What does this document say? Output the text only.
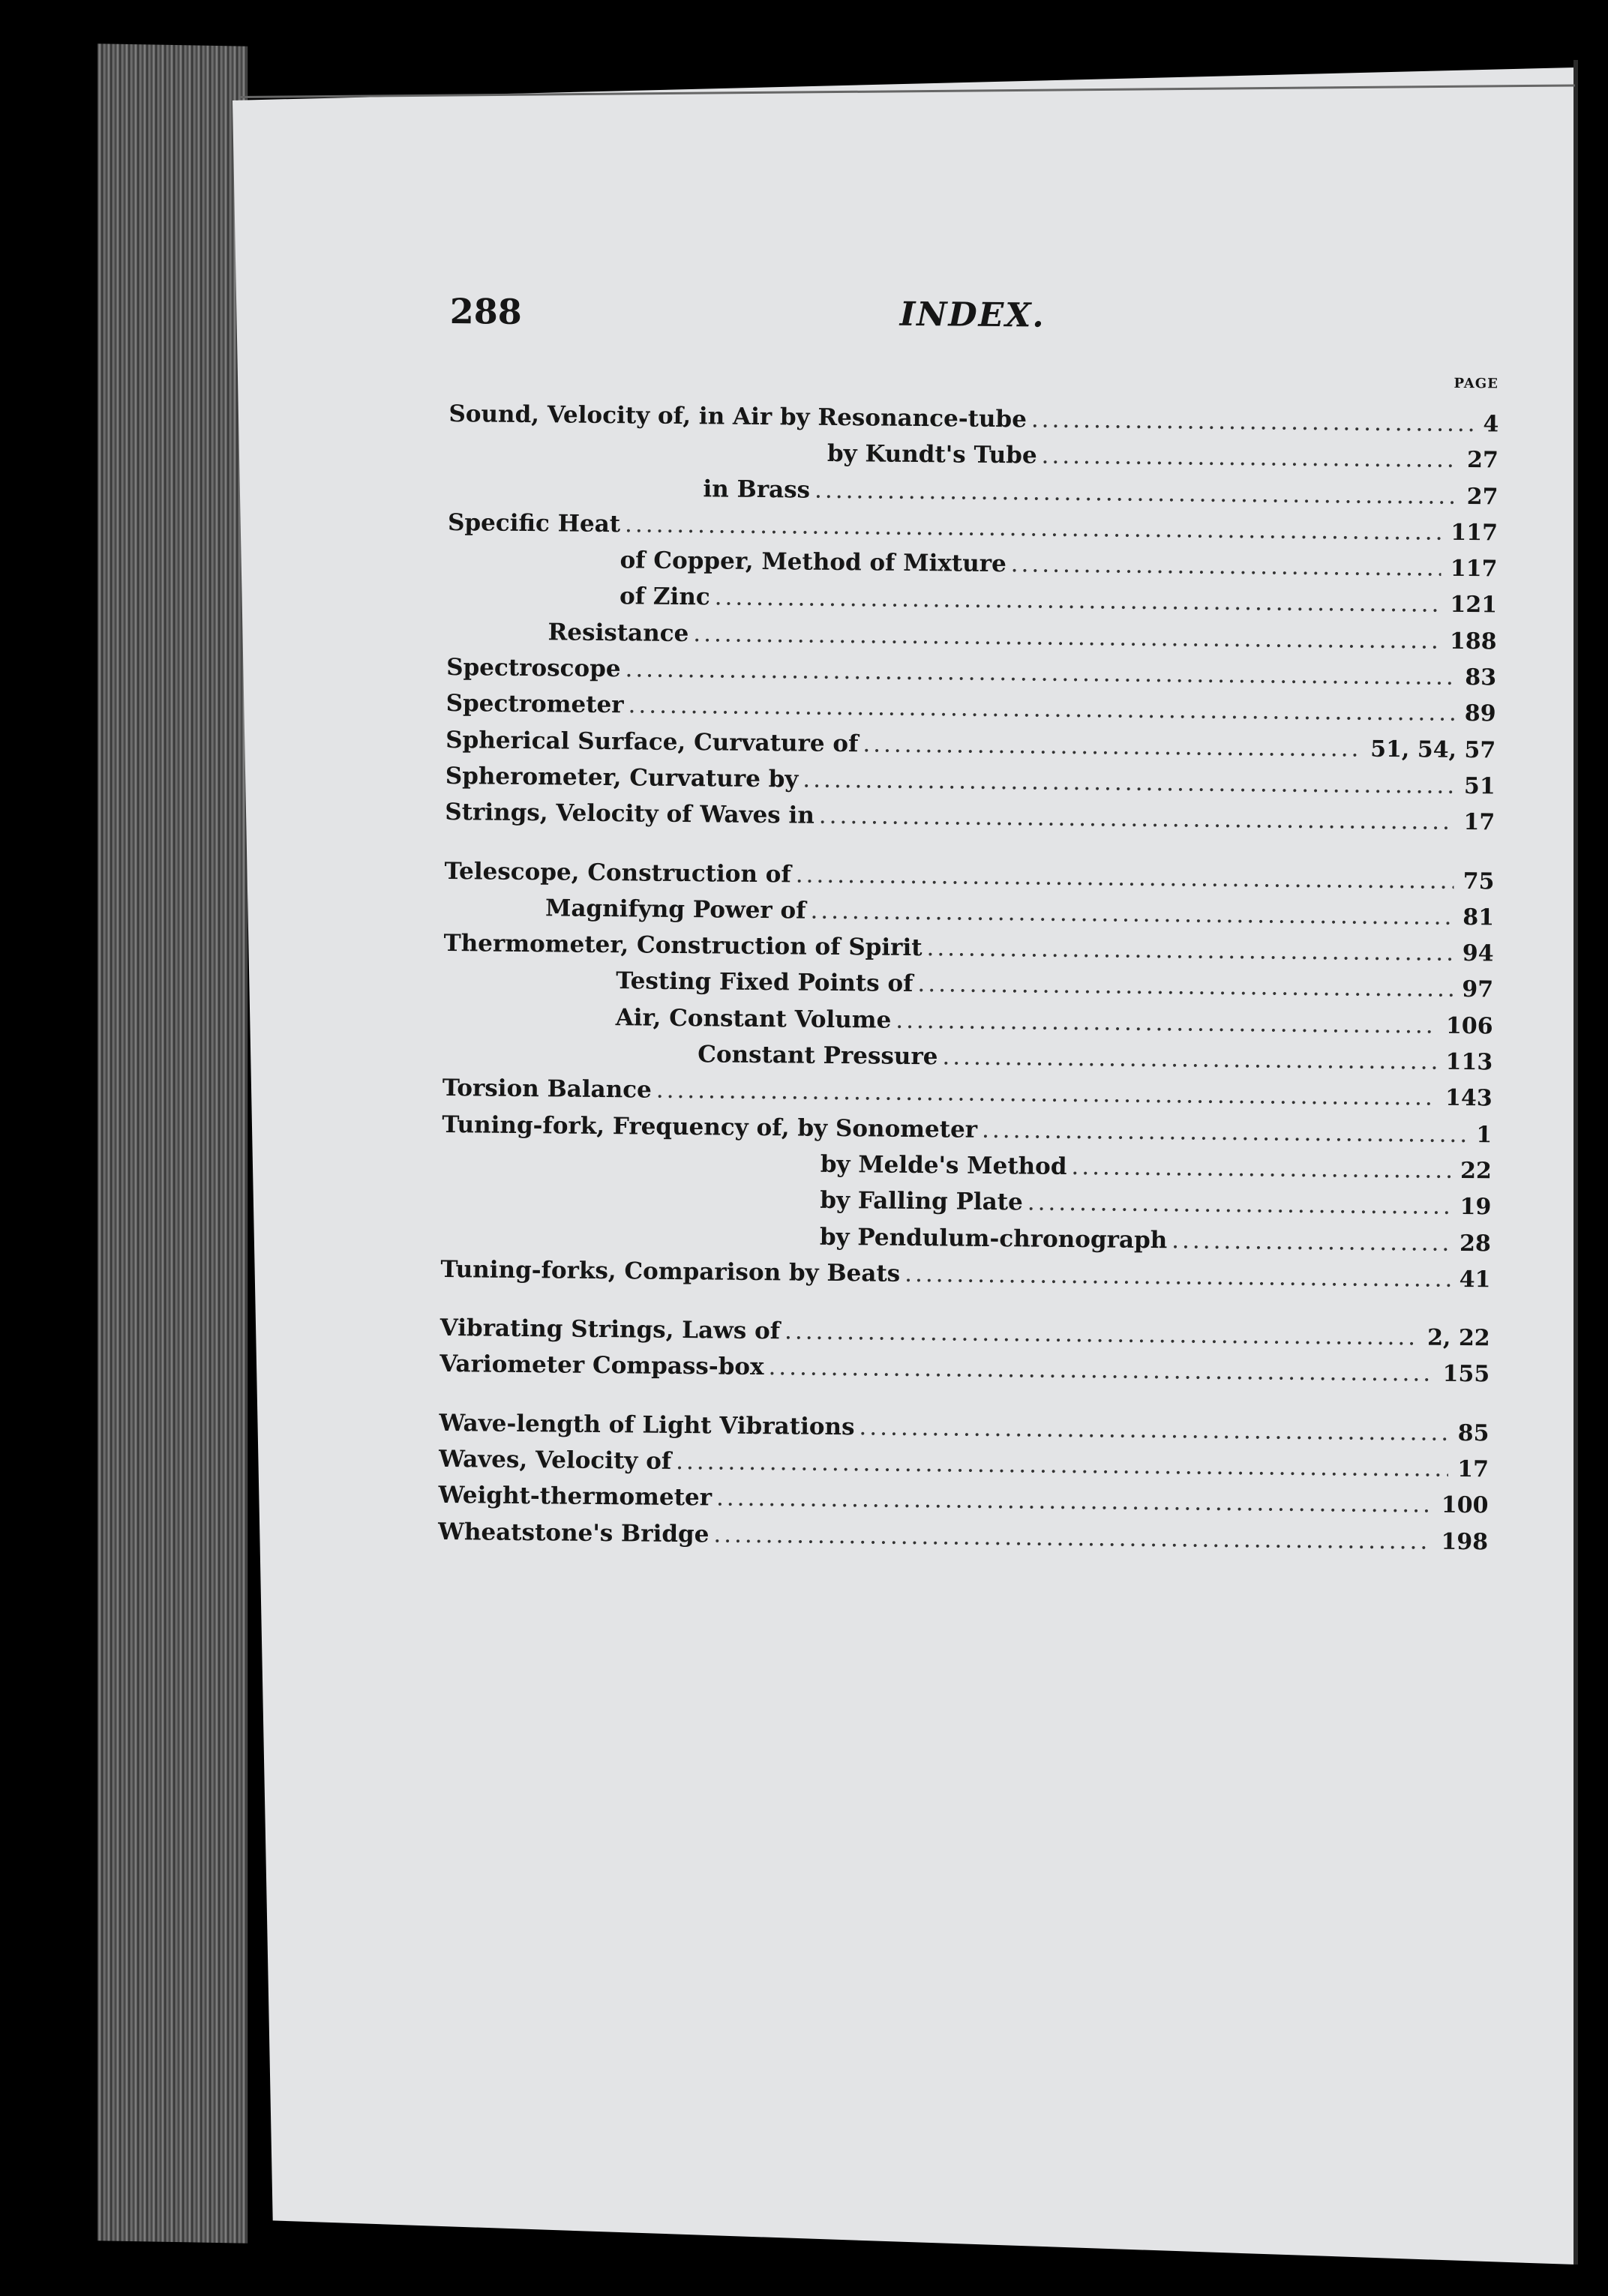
288	INDEX.
PAGE
Sound, Velocity of, in Air by Resonance-tube .....	4
by Kundt's Tube .....	27
in Brass .....	27
Specific Heat .....	117
of Copper, Method of Mixture .....	117
of Zinc .....	121
Resistance .....	188
Spectroscope .....	83
Spectrometer .....	89
Spherical Surface, Curvature of .....	51, 54, 57
Spherometer, Curvature by .....	51
Strings, Velocity of Waves in .....	17
Telescope, Construction of .....	75
Magnifyng Power of .....	81
Thermometer, Construction of Spirit .....	94
Testing Fixed Points of .....	97
Air, Constant Volume .....	106
Constant Pressure .....	113
Torsion Balance .....	143
Tuning-fork, Frequency of, by Sonometer .....	1
by Melde's Method .....	22
by Falling Plate .....	19
by Pendulum-chronograph .....	28
Tuning-forks, Comparison by Beats .....	41
Vibrating Strings, Laws of .....	2, 22
Variometer Compass-box .....	155
Wave-length of Light Vibrations .....	85
Waves, Velocity of .....	17
Weight-thermometer .....	100
Wheatstone's Bridge .....	198
